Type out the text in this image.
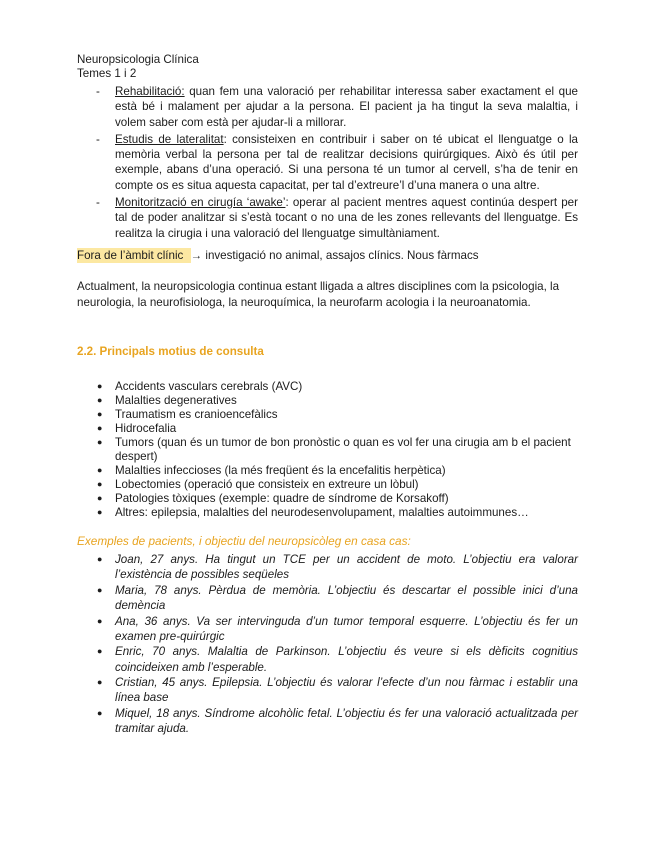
Neuropsicologia Clínica
Temes 1 i 2
- Rehabilitació: quan fem una valoració per rehabilitar interessa saber exactament el que està bé i malament per ajudar a la persona. El pacient ja ha tingut la seva malaltia, i volem saber com està per ajudar-li a millorar.
- Estudis de lateralitat: consisteixen en contribuir i saber on té ubicat el llenguatge o la memòria verbal la persona per tal de realitzar decisions quirúrgiques. Això és útil per exemple, abans d’una operació. Si una persona té un tumor al cervell, s’ha de tenir en compte os es situa aquesta capacitat, per tal d’extreure’l d’una manera o una altre.
- Monitorització en cirugía ‘awake’: operar al pacient mentres aquest continúa despert per tal de poder analitzar si s’està tocant o no una de les zones rellevants del llenguatge. Es realitza la cirugia i una valoració del llenguatge simultàniament.
Fora de l’àmbit clínic → investigació no animal, assajos clínics. Nous fàrmacs
Actualment, la neuropsicologia continua estant lligada a altres disciplines com la psicologia, la neurologia, la neurofisiologa, la neuroquímica, la neurofarm acologia i la neuroanatomia.
2.2. Principals motius de consulta
● Accidents vasculars cerebrals (AVC)
● Malalties degeneratives
● Traumatism es cranioencefàlics
● Hidrocefalia
● Tumors (quan és un tumor de bon pronòstic o quan es vol fer una cirugia am b el pacient despert)
● Malalties infeccioses (la més freqüent és la encefalitis herpètica)
● Lobectomies (operació que consisteix en extreure un lòbul)
● Patologies tòxiques (exemple: quadre de síndrome de Korsakoff)
● Altres: epilepsia, malalties del neurodesenvolupament, malalties autoimmunes…
Exemples de pacients, i objectiu del neuropsicòleg en casa cas:
● Joan, 27 anys. Ha tingut un TCE per un accident de moto. L’objectiu era valorar l’existència de possibles seqüeles
● Maria, 78 anys. Pèrdua de memòria. L’objectiu és descartar el possible inici d’una demència
● Ana, 36 anys. Va ser intervinguda d’un tumor temporal esquerre. L’objectiu és fer un examen pre-quirúrgic
● Enric, 70 anys. Malaltia de Parkinson. L’objectiu és veure si els dèficits cognitius coincideixen amb l’esperable.
● Cristian, 45 anys. Epilepsia. L’objectiu és valorar l’efecte d’un nou fàrmac i establir una línea base
● Miquel, 18 anys. Síndrome alcohòlic fetal. L’objectiu és fer una valoració actualitzada per tramitar ajuda.
